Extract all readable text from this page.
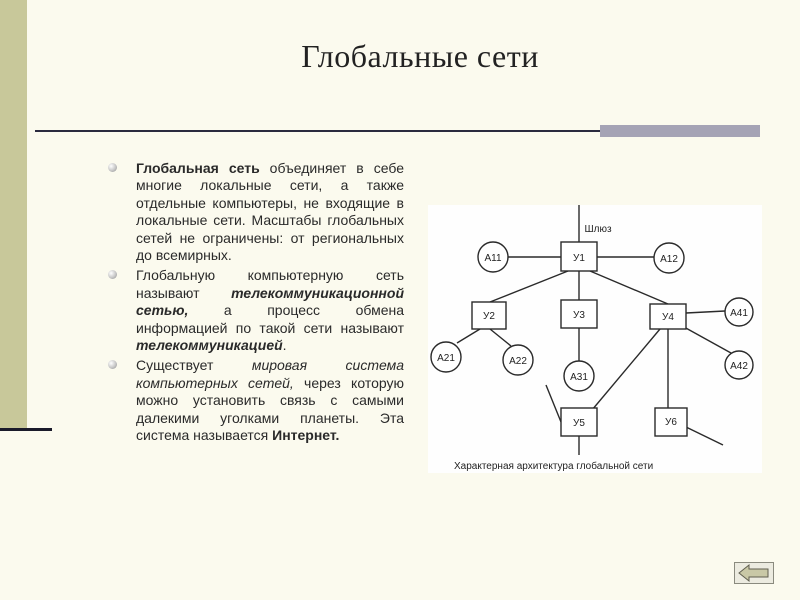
Глобальные сети
Глобальная сеть объединяет в себе многие локальные сети, а также отдельные компьютеры, не входящие в локальные сети. Масштабы глобальных сетей не ограничены: от региональных до всемирных.
Глобальную компьютерную сеть называют телекоммуникационной сетью, а процесс обмена информацией по такой сети называют телекоммуникацией.
Существует мировая система компьютерных сетей, через которую можно установить связь с самыми далекими уголками планеты. Эта система называется Интернет.
Шлюз
У1
У2	У3	У4
У5	У6
А11	А12
А21	А22
А31
А41
А42
Характерная архитектура глобальной сети
